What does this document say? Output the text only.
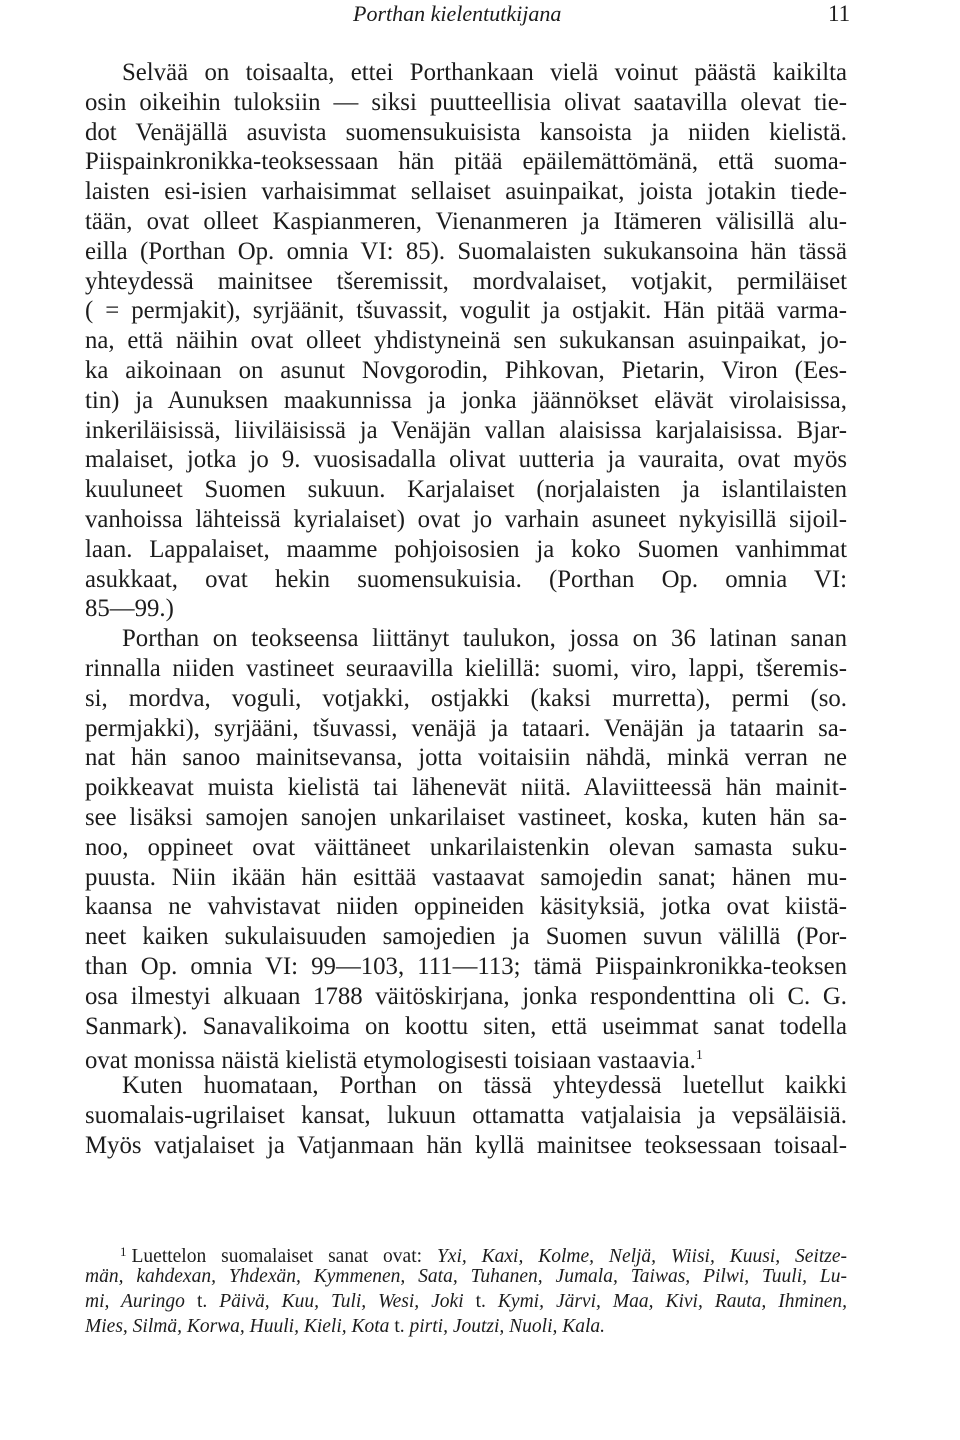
Porthan kielentutkijana	11
Selvää on toisaalta, ettei Porthankaan vielä voinut päästä kaikilta
osin oikeihin tuloksiin — siksi puutteellisia olivat saatavilla olevat tie-
dot Venäjällä asuvista suomensukuisista kansoista ja niiden kielistä.
Piispainkronikka-teoksessaan hän pitää epäilemättömänä, että suoma-
laisten esi-isien varhaisimmat sellaiset asuinpaikat, joista jotakin tiede-
tään, ovat olleet Kaspianmeren, Vienanmeren ja Itämeren välisillä alu-
eilla (Porthan Op. omnia VI: 85). Suomalaisten sukukansoina hän tässä
yhteydessä mainitsee tšeremissit, mordvalaiset, votjakit, permiläiset
( = permjakit), syrjäänit, tšuvassit, vogulit ja ostjakit. Hän pitää varma-
na, että näihin ovat olleet yhdistyneinä sen sukukansan asuinpaikat, jo-
ka aikoinaan on asunut Novgorodin, Pihkovan, Pietarin, Viron (Ees-
tin) ja Aunuksen maakunnissa ja jonka jäännökset elävät virolaisissa,
inkeriläisissä, liiviläisissä ja Venäjän vallan alaisissa karjalaisissa. Bjar-
malaiset, jotka jo 9. vuosisadalla olivat uutteria ja vauraita, ovat myös
kuuluneet Suomen sukuun. Karjalaiset (norjalaisten ja islantilaisten
vanhoissa lähteissä kyrialaiset) ovat jo varhain asuneet nykyisillä sijoil-
laan. Lappalaiset, maamme pohjoisosien ja koko Suomen vanhimmat
asukkaat, ovat hekin suomensukuisia. (Porthan Op. omnia VI:
85—99.)
Porthan on teokseensa liittänyt taulukon, jossa on 36 latinan sanan
rinnalla niiden vastineet seuraavilla kielillä: suomi, viro, lappi, tšeremis-
si, mordva, voguli, votjakki, ostjakki (kaksi murretta), permi (so.
permjakki), syrjääni, tšuvassi, venäjä ja tataari. Venäjän ja tataarin sa-
nat hän sanoo mainitsevansa, jotta voitaisiin nähdä, minkä verran ne
poikkeavat muista kielistä tai lähenevät niitä. Alaviitteessä hän mainit-
see lisäksi samojen sanojen unkarilaiset vastineet, koska, kuten hän sa-
noo, oppineet ovat väittäneet unkarilaistenkin olevan samasta suku-
puusta. Niin ikään hän esittää vastaavat samojedin sanat; hänen mu-
kaansa ne vahvistavat niiden oppineiden käsityksiä, jotka ovat kiistä-
neet kaiken sukulaisuuden samojedien ja Suomen suvun välillä (Por-
than Op. omnia VI: 99—103, 111—113; tämä Piispainkronikka-teoksen
osa ilmestyi alkuaan 1788 väitöskirjana, jonka respondenttina oli C. G.
Sanmark). Sanavalikoima on koottu siten, että useimmat sanat todella
ovat monissa näistä kielistä etymologisesti toisiaan vastaavia.$^1$
Kuten huomataan, Porthan on tässä yhteydessä luetellut kaikki
suomalais-ugrilaiset kansat, lukuun ottamatta vatjalaisia ja vepsäläisiä.
Myös vatjalaiset ja Vatjanmaan hän kyllä mainitsee teoksessaan toisaal-
$^1$ Luettelon suomalaiset sanat ovat: Yxi, Kaxi, Kolme, Neljä, Wiisi, Kuusi, Seitze-
män, kahdexan, Yhdexän, Kymmenen, Sata, Tuhanen, Jumala, Taiwas, Pilwi, Tuuli, Lu-
mi, Auringo t. Päivä, Kuu, Tuli, Wesi, Joki t. Kymi, Järvi, Maa, Kivi, Rauta, Ihminen,
Mies, Silmä, Korwa, Huuli, Kieli, Kota t. pirti, Joutzi, Nuoli, Kala.
